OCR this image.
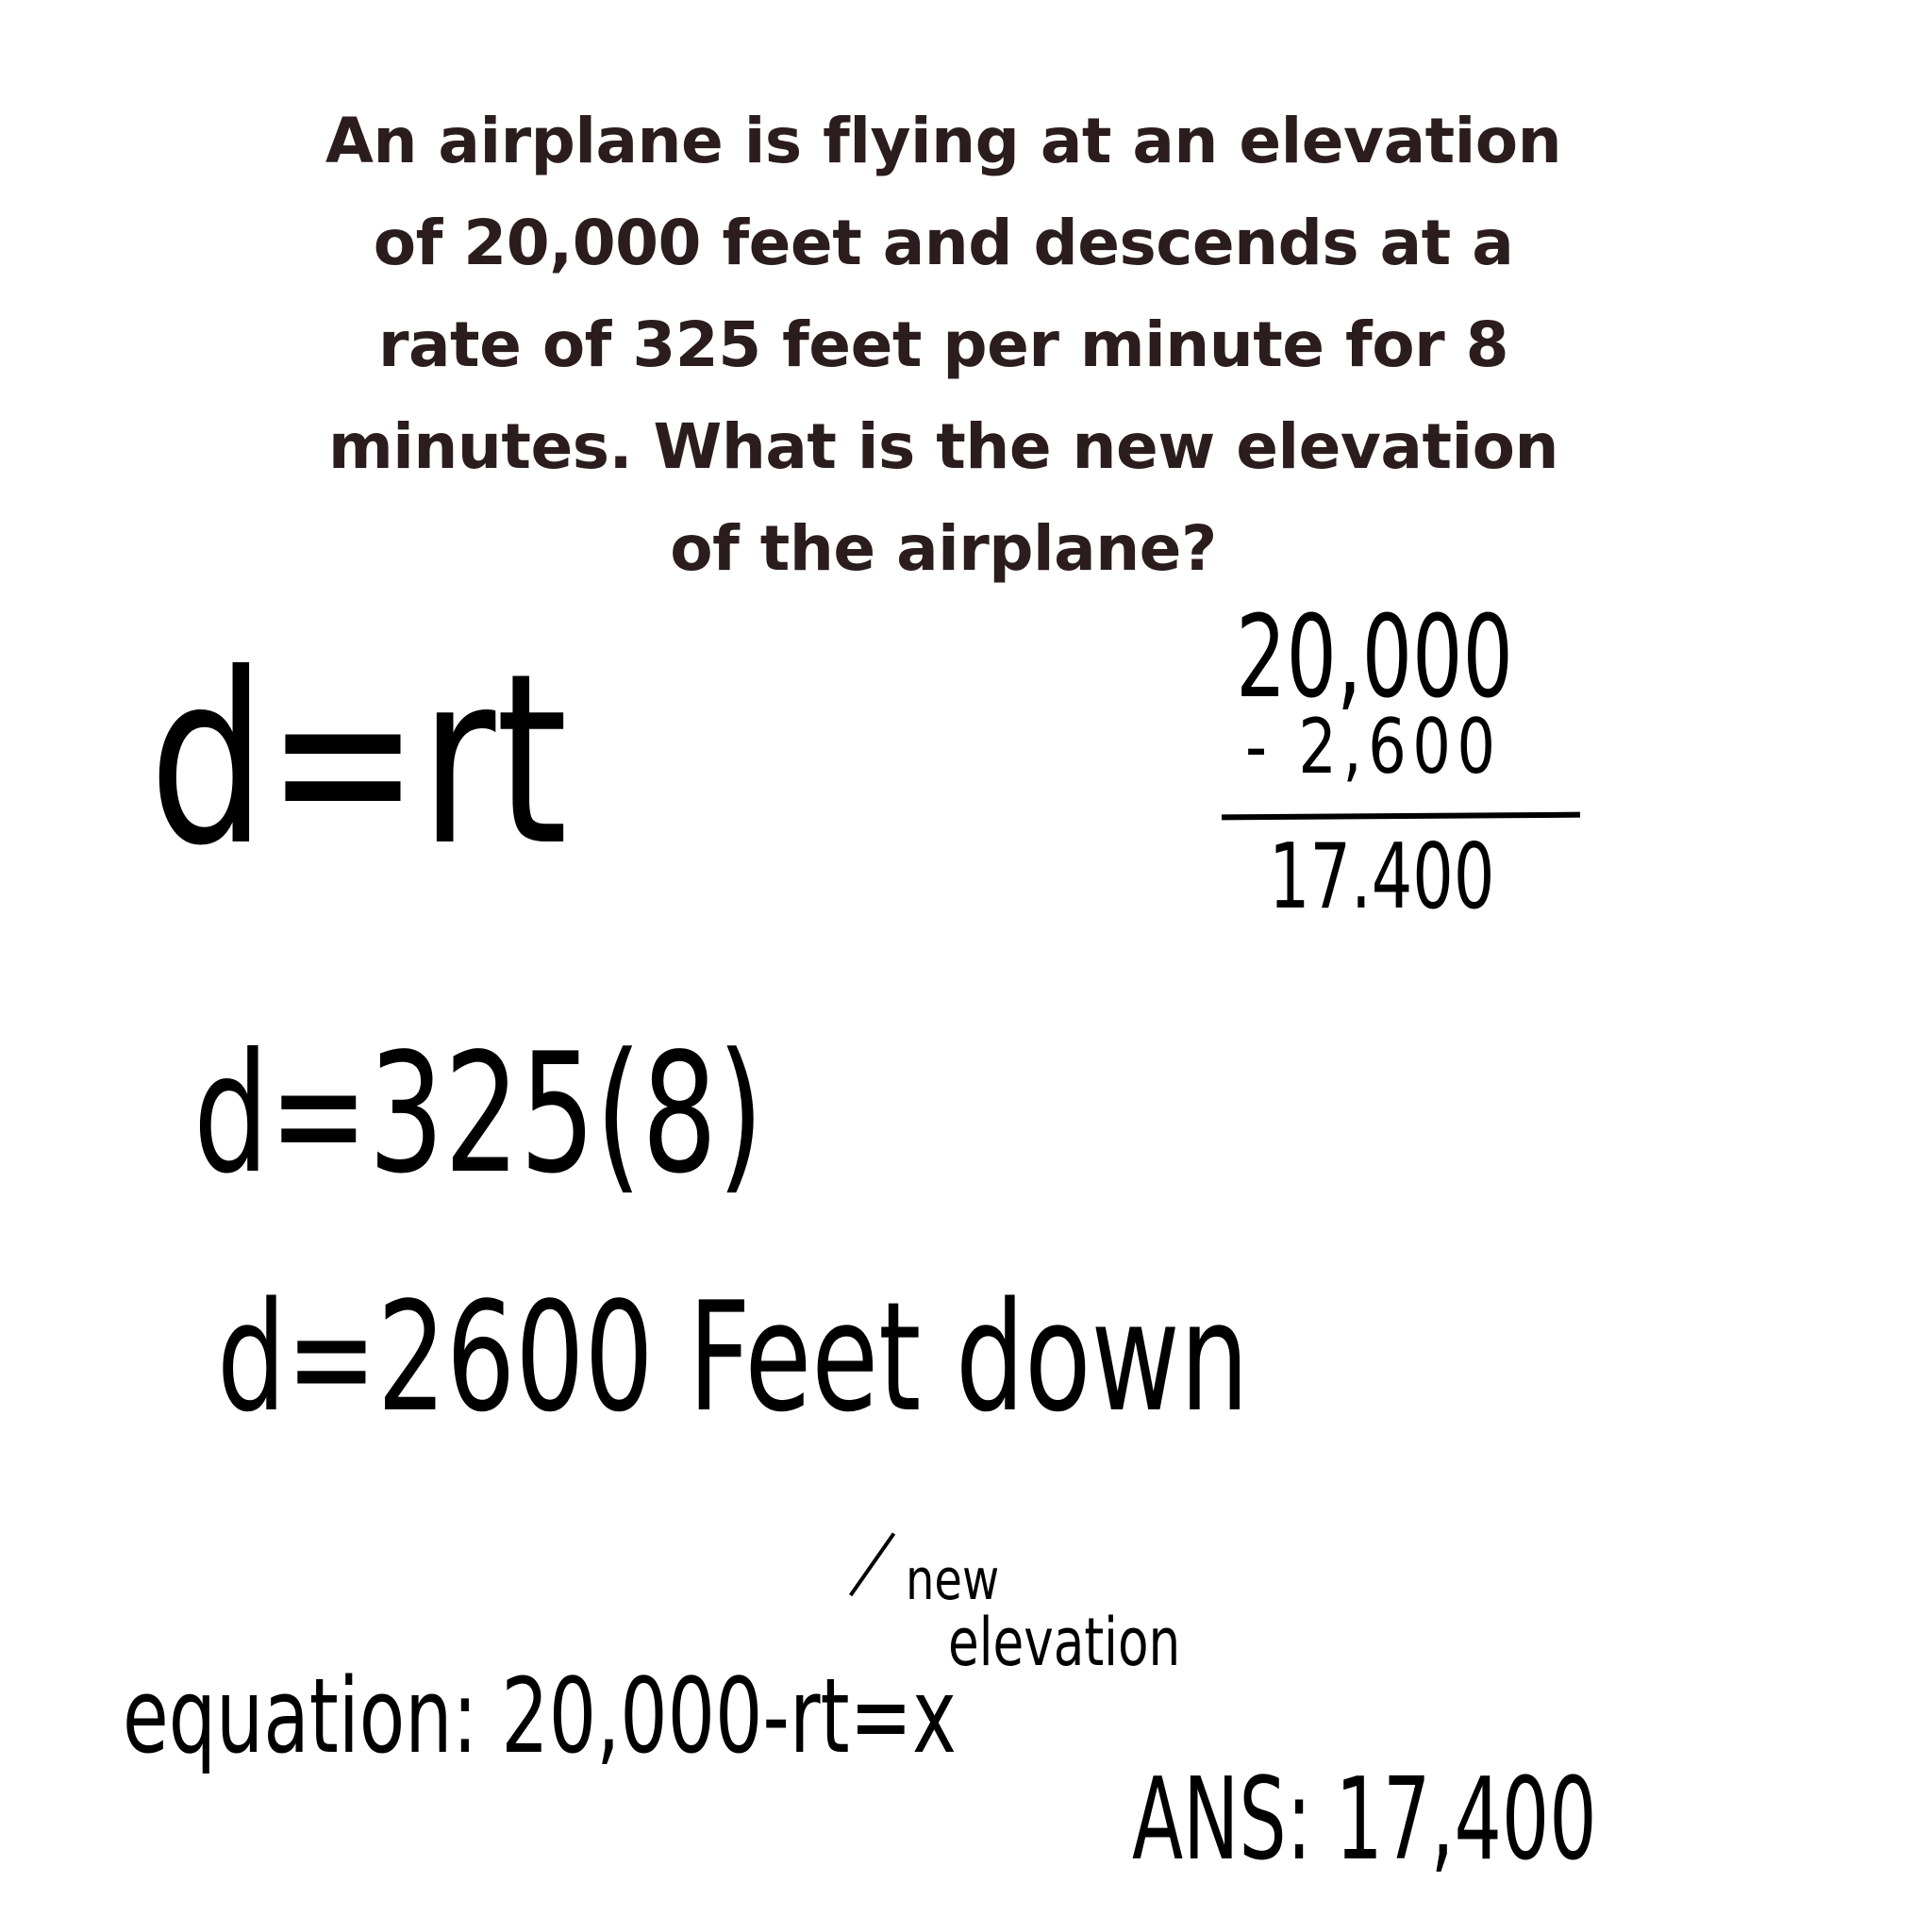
An airplane is flying at an elevation
of 20,000 feet and descends at a
rate of 325 feet per minute for 8
minutes. What is the new elevation
of the airplane?
d=rt
d=325(8)
d=2600 Feet down
20,000
- 2,600
17.400
new
elevation
equation: 20,000-rt=x
ANS: 17,400
